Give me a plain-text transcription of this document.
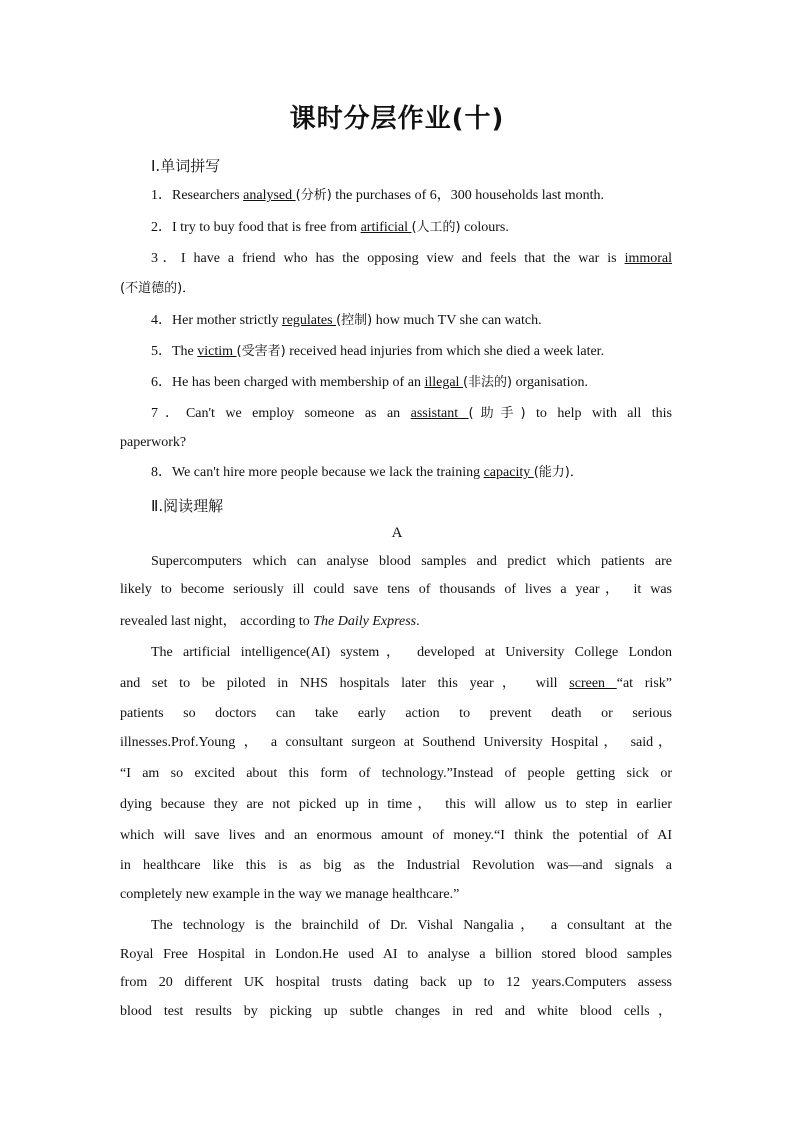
课时分层作业(十)
Ⅰ.单词拼写
1．Researchers analysed (分析) the purchases of 6，300 households last month.
2．I try to buy food that is free from artificial (人工的) colours.
3．I have a friend who has the opposing view and feels that the war is immoral
(不道德的)．
4．Her mother strictly regulates (控制) how much TV she can watch.
5．The victim (受害者) received head injuries from which she died a week later.
6．He has been charged with membership of an illegal (非法的) organisation.
7．Can't we employ someone as an assistant (助手) to help with all this
paperwork?
8．We can't hire more people because we lack the training capacity (能力)．
Ⅱ.阅读理解
A
Supercomputers which can analyse blood samples and predict which patients are
likely to become seriously ill could save tens of thousands of lives a year， it was
revealed last night， according to The Daily Express.
The artificial intelligence(AI) system， developed at University College London
and set to be piloted in NHS hospitals later this year， will screen “at risk”
patients so doctors can take early action to prevent death or serious
illnesses.Prof.Young ， a consultant surgeon at Southend University Hospital， said，
“I am so excited about this form of technology.”Instead of people getting sick or
dying because they are not picked up in time， this will allow us to step in earlier
which will save lives and an enormous amount of money.“I think the potential of AI
in healthcare like this is as big as the Industrial Revolution was—and signals a
completely new example in the way we manage healthcare.”
The technology is the brainchild of Dr. Vishal Nangalia， a consultant at the
Royal Free Hospital in London.He used AI to analyse a billion stored blood samples
from 20 different UK hospital trusts dating back up to 12 years.Computers assess
blood test results by picking up subtle changes in red and white blood cells，
